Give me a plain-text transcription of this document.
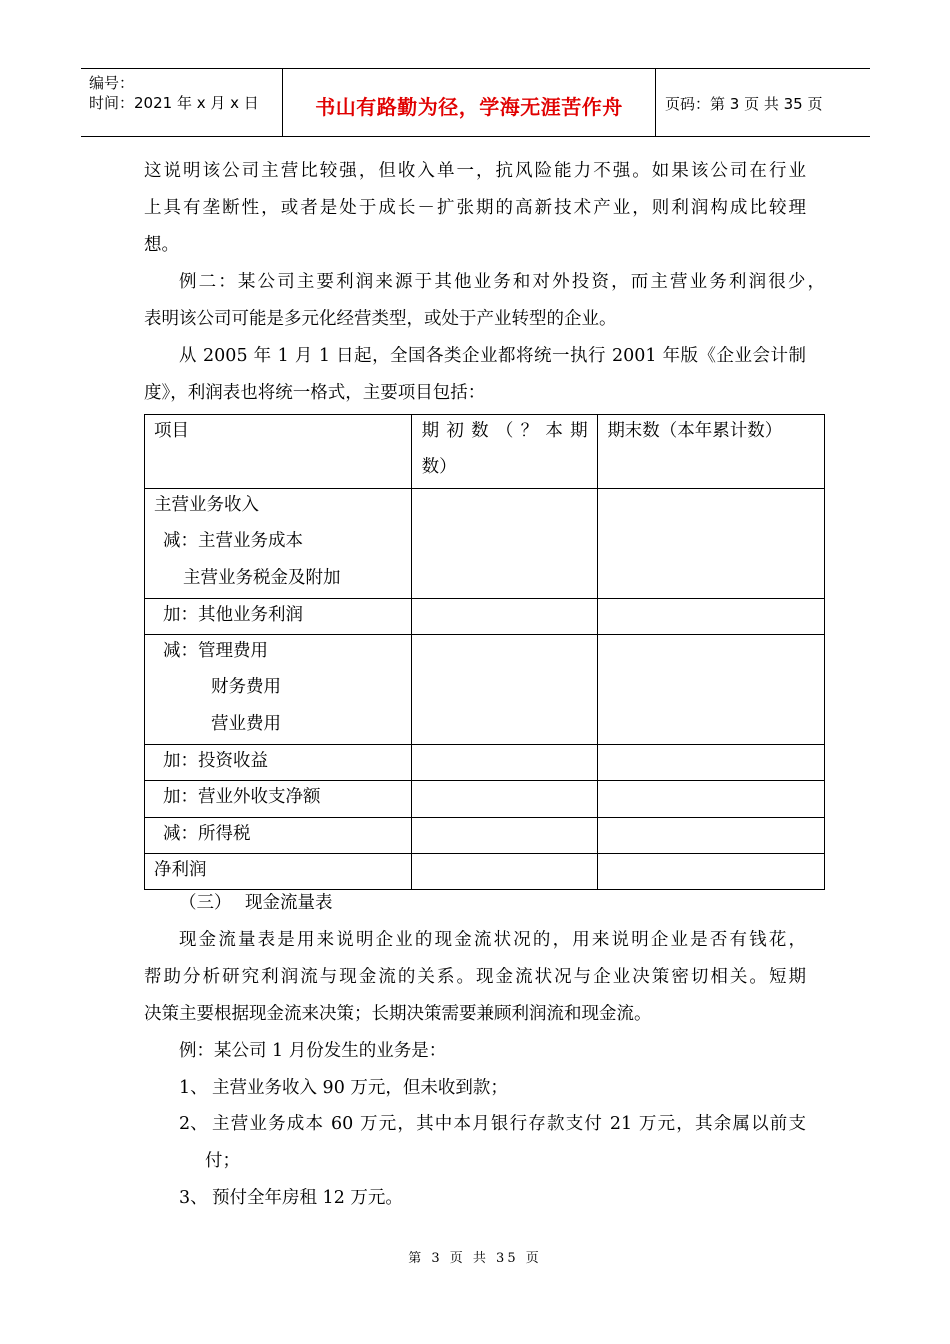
编号：
时间：2021 年 x 月 x 日	书山有路勤为径，学海无涯苦作舟	页码：第 3 页 共 35 页
这说明该公司主营比较强，但收入单一，抗风险能力不强。如果该公司在行业
上具有垄断性，或者是处于成长－扩张期的高新技术产业，则利润构成比较理
想。
例二：某公司主要利润来源于其他业务和对外投资，而主营业务利润很少，
表明该公司可能是多元化经营类型，或处于产业转型的企业。
从 2005 年 1 月 1 日起，全国各类企业都将统一执行 2001 年版《企业会计制
度》，利润表也将统一格式，主要项目包括：
项目	期 初 数 （ ？ 本 期
数）	期末数（本年累计数）

主营业务收入
减：主营业务成本
主营业务税金及附加		

加：其他业务利润		

减：管理费用
财务费用
营业费用		

加：投资收益		

加：营业外收支净额		

减：所得税		

净利润		

（三） 现金流量表
现金流量表是用来说明企业的现金流状况的，用来说明企业是否有钱花，
帮助分析研究利润流与现金流的关系。现金流状况与企业决策密切相关。短期
决策主要根据现金流来决策；长期决策需要兼顾利润流和现金流。
例：某公司 1 月份发生的业务是：
1、 主营业务收入 90 万元，但未收到款；
2、 主营业务成本 60 万元，其中本月银行存款支付 21 万元，其余属以前支
付；
3、 预付全年房租 12 万元。
第 3 页 共 35 页
